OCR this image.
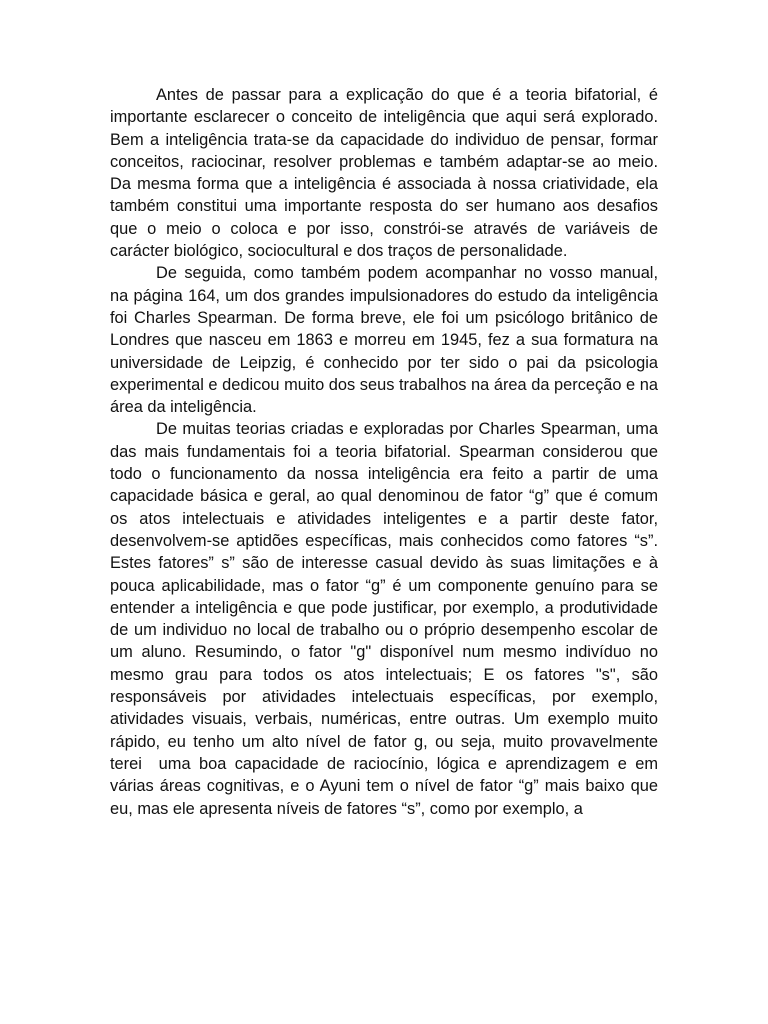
Antes de passar para a explicação do que é a teoria bifatorial, é importante esclarecer o conceito de inteligência que aqui será explorado. Bem a inteligência trata-se da capacidade do individuo de pensar, formar conceitos, raciocinar, resolver problemas e também adaptar-se ao meio. Da mesma forma que a inteligência é associada à nossa criatividade, ela também constitui uma importante resposta do ser humano aos desafios que o meio o coloca e por isso, constrói-se através de variáveis de carácter biológico, sociocultural e dos traços de personalidade.

De seguida, como também podem acompanhar no vosso manual, na página 164, um dos grandes impulsionadores do estudo da inteligência foi Charles Spearman. De forma breve, ele foi um psicólogo britânico de Londres que nasceu em 1863 e morreu em 1945, fez a sua formatura na universidade de Leipzig, é conhecido por ter sido o pai da psicologia experimental e dedicou muito dos seus trabalhos na área da perceção e na área da inteligência.

De muitas teorias criadas e exploradas por Charles Spearman, uma das mais fundamentais foi a teoria bifatorial. Spearman considerou que todo o funcionamento da nossa inteligência era feito a partir de uma capacidade básica e geral, ao qual denominou de fator “g” que é comum os atos intelectuais e atividades inteligentes e a partir deste fator, desenvolvem-se aptidões específicas, mais conhecidos como fatores “s”. Estes fatores” s” são de interesse casual devido às suas limitações e à pouca aplicabilidade, mas o fator “g” é um componente genuíno para se entender a inteligência e que pode justificar, por exemplo, a produtividade de um individuo no local de trabalho ou o próprio desempenho escolar de um aluno. Resumindo, o fator "g" disponível num mesmo indivíduo no mesmo grau para todos os atos intelectuais; E os fatores "s", são responsáveis por atividades intelectuais específicas, por exemplo, atividades visuais, verbais, numéricas, entre outras. Um exemplo muito rápido, eu tenho um alto nível de fator g, ou seja, muito provavelmente terei  uma boa capacidade de raciocínio, lógica e aprendizagem e em várias áreas cognitivas, e o Ayuni tem o nível de fator “g” mais baixo que eu, mas ele apresenta níveis de fatores “s”, como por exemplo, a
